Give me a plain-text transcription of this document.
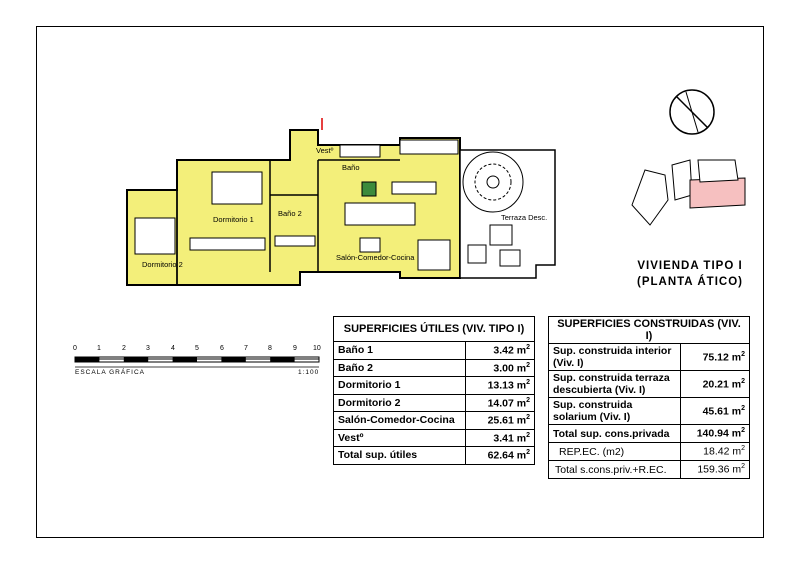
Dormitorio 1
Dormitorio 2
Baño 2
Baño
Vestº
Salón-Comedor-Cocina
Terraza Desc.
0	1	2	3	4	5	6	7	8	9 10
ESCALA GRÁFICA	1:100
VIVIENDA TIPO I
(PLANTA ÁTICO)
SUPERFICIES ÚTILES (VIV. TIPO I)	
Baño 1	3.42 $m^2$
Baño 2	3.00 $m^2$
Dormitorio 1	13.13 $m^2$
Dormitorio 2	14.07 $m^2$
Salón-Comedor-Cocina	25.61 $m^2$
Vestº	3.41 $m^2$
Total sup. útiles	62.64 $m^2$
SUPERFICIES CONSTRUIDAS (VIV. I)	
Sup. construida interior (Viv. I)	75.12 $m^2$
Sup. construida terraza descubierta (Viv. I)	20.21 $m^2$
Sup. construida solarium (Viv. I)	45.61 $m^2$
Total sup. cons.privada	140.94 $m^2$
REP.EC. (m2)	18.42 $m^2$
Total s.cons.priv.+R.EC.	159.36 $m^2$
